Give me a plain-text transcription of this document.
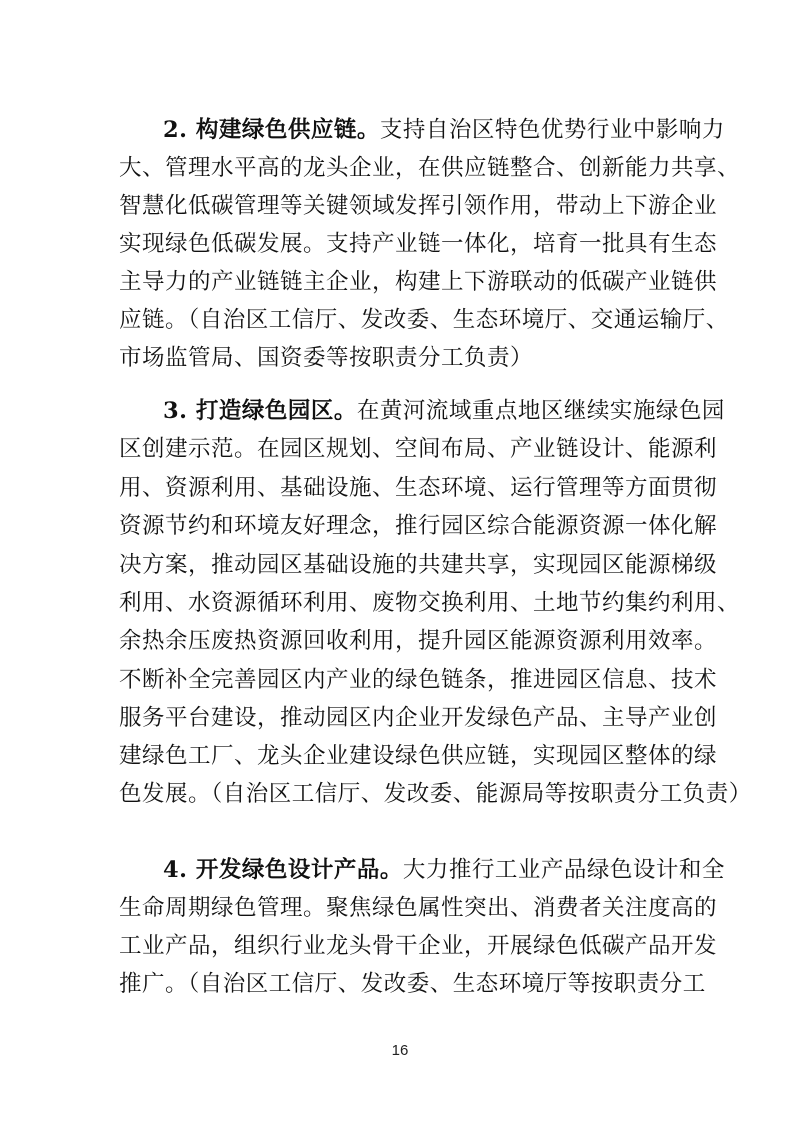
2. 构建绿色供应链。支持自治区特色优势行业中影响力
大、管理水平高的龙头企业，在供应链整合、创新能力共享、
智慧化低碳管理等关键领域发挥引领作用，带动上下游企业
实现绿色低碳发展。支持产业链一体化，培育一批具有生态
主导力的产业链链主企业，构建上下游联动的低碳产业链供
应链。（自治区工信厅、发改委、生态环境厅、交通运输厅、
市场监管局、国资委等按职责分工负责）
3. 打造绿色园区。在黄河流域重点地区继续实施绿色园
区创建示范。在园区规划、空间布局、产业链设计、能源利
用、资源利用、基础设施、生态环境、运行管理等方面贯彻
资源节约和环境友好理念，推行园区综合能源资源一体化解
决方案，推动园区基础设施的共建共享，实现园区能源梯级
利用、水资源循环利用、废物交换利用、土地节约集约利用、
余热余压废热资源回收利用，提升园区能源资源利用效率。
不断补全完善园区内产业的绿色链条，推进园区信息、技术
服务平台建设，推动园区内企业开发绿色产品、主导产业创
建绿色工厂、龙头企业建设绿色供应链，实现园区整体的绿
色发展。（自治区工信厅、发改委、能源局等按职责分工负责）
4. 开发绿色设计产品。大力推行工业产品绿色设计和全
生命周期绿色管理。聚焦绿色属性突出、消费者关注度高的
工业产品，组织行业龙头骨干企业，开展绿色低碳产品开发
推广。（自治区工信厅、发改委、生态环境厅等按职责分工
16
